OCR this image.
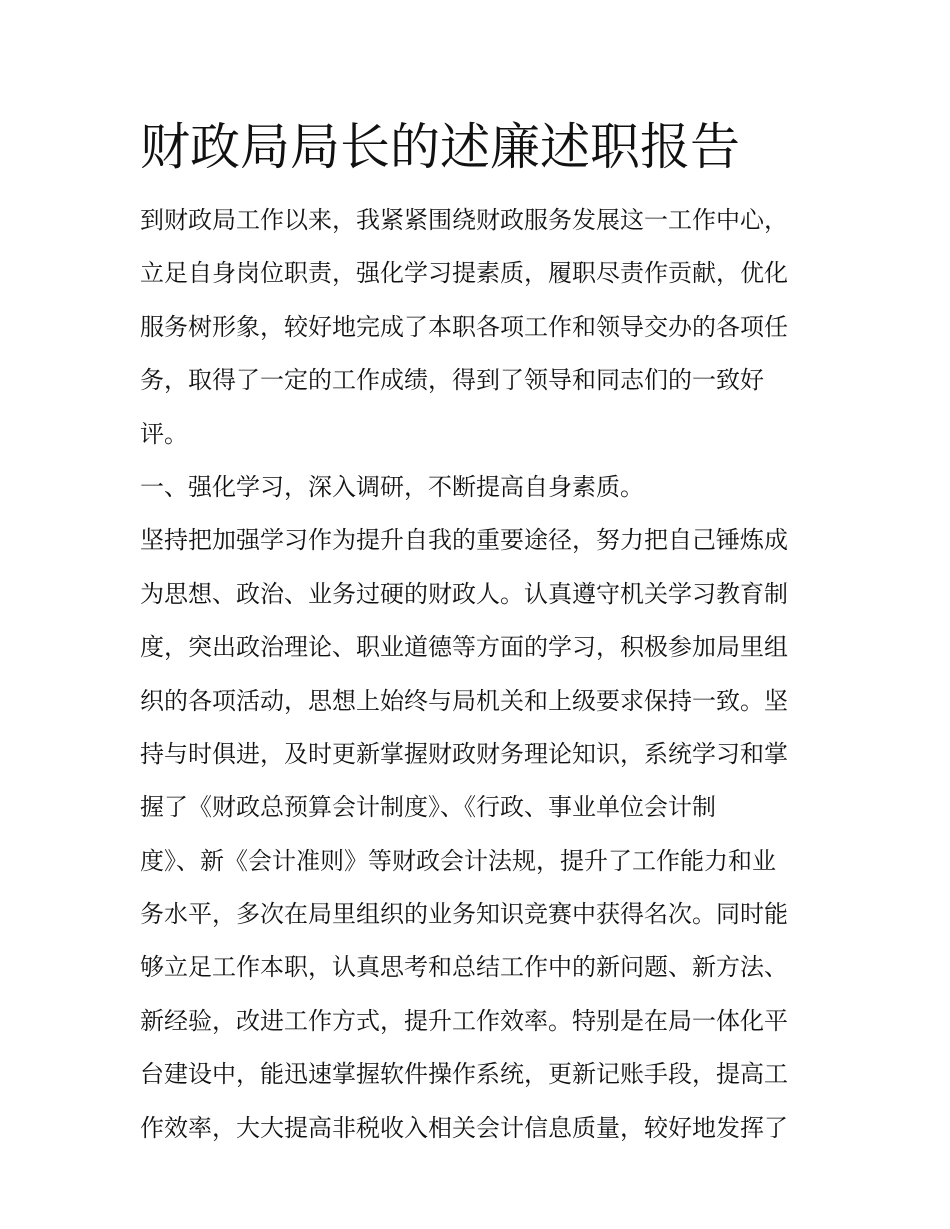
财政局局长的述廉述职报告
到财政局工作以来，我紧紧围绕财政服务发展这一工作中心，
立足自身岗位职责，强化学习提素质，履职尽责作贡献，优化
服务树形象，较好地完成了本职各项工作和领导交办的各项任
务，取得了一定的工作成绩，得到了领导和同志们的一致好
评。
一、强化学习，深入调研，不断提高自身素质。
坚持把加强学习作为提升自我的重要途径，努力把自己锤炼成
为思想、政治、业务过硬的财政人。认真遵守机关学习教育制
度，突出政治理论、职业道德等方面的学习，积极参加局里组
织的各项活动，思想上始终与局机关和上级要求保持一致。坚
持与时俱进，及时更新掌握财政财务理论知识，系统学习和掌
握了《财政总预算会计制度》、《行政、事业单位会计制
度》、新《会计准则》等财政会计法规，提升了工作能力和业
务水平，多次在局里组织的业务知识竞赛中获得名次。同时能
够立足工作本职，认真思考和总结工作中的新问题、新方法、
新经验，改进工作方式，提升工作效率。特别是在局一体化平
台建设中，能迅速掌握软件操作系统，更新记账手段，提高工
作效率，大大提高非税收入相关会计信息质量，较好地发挥了
